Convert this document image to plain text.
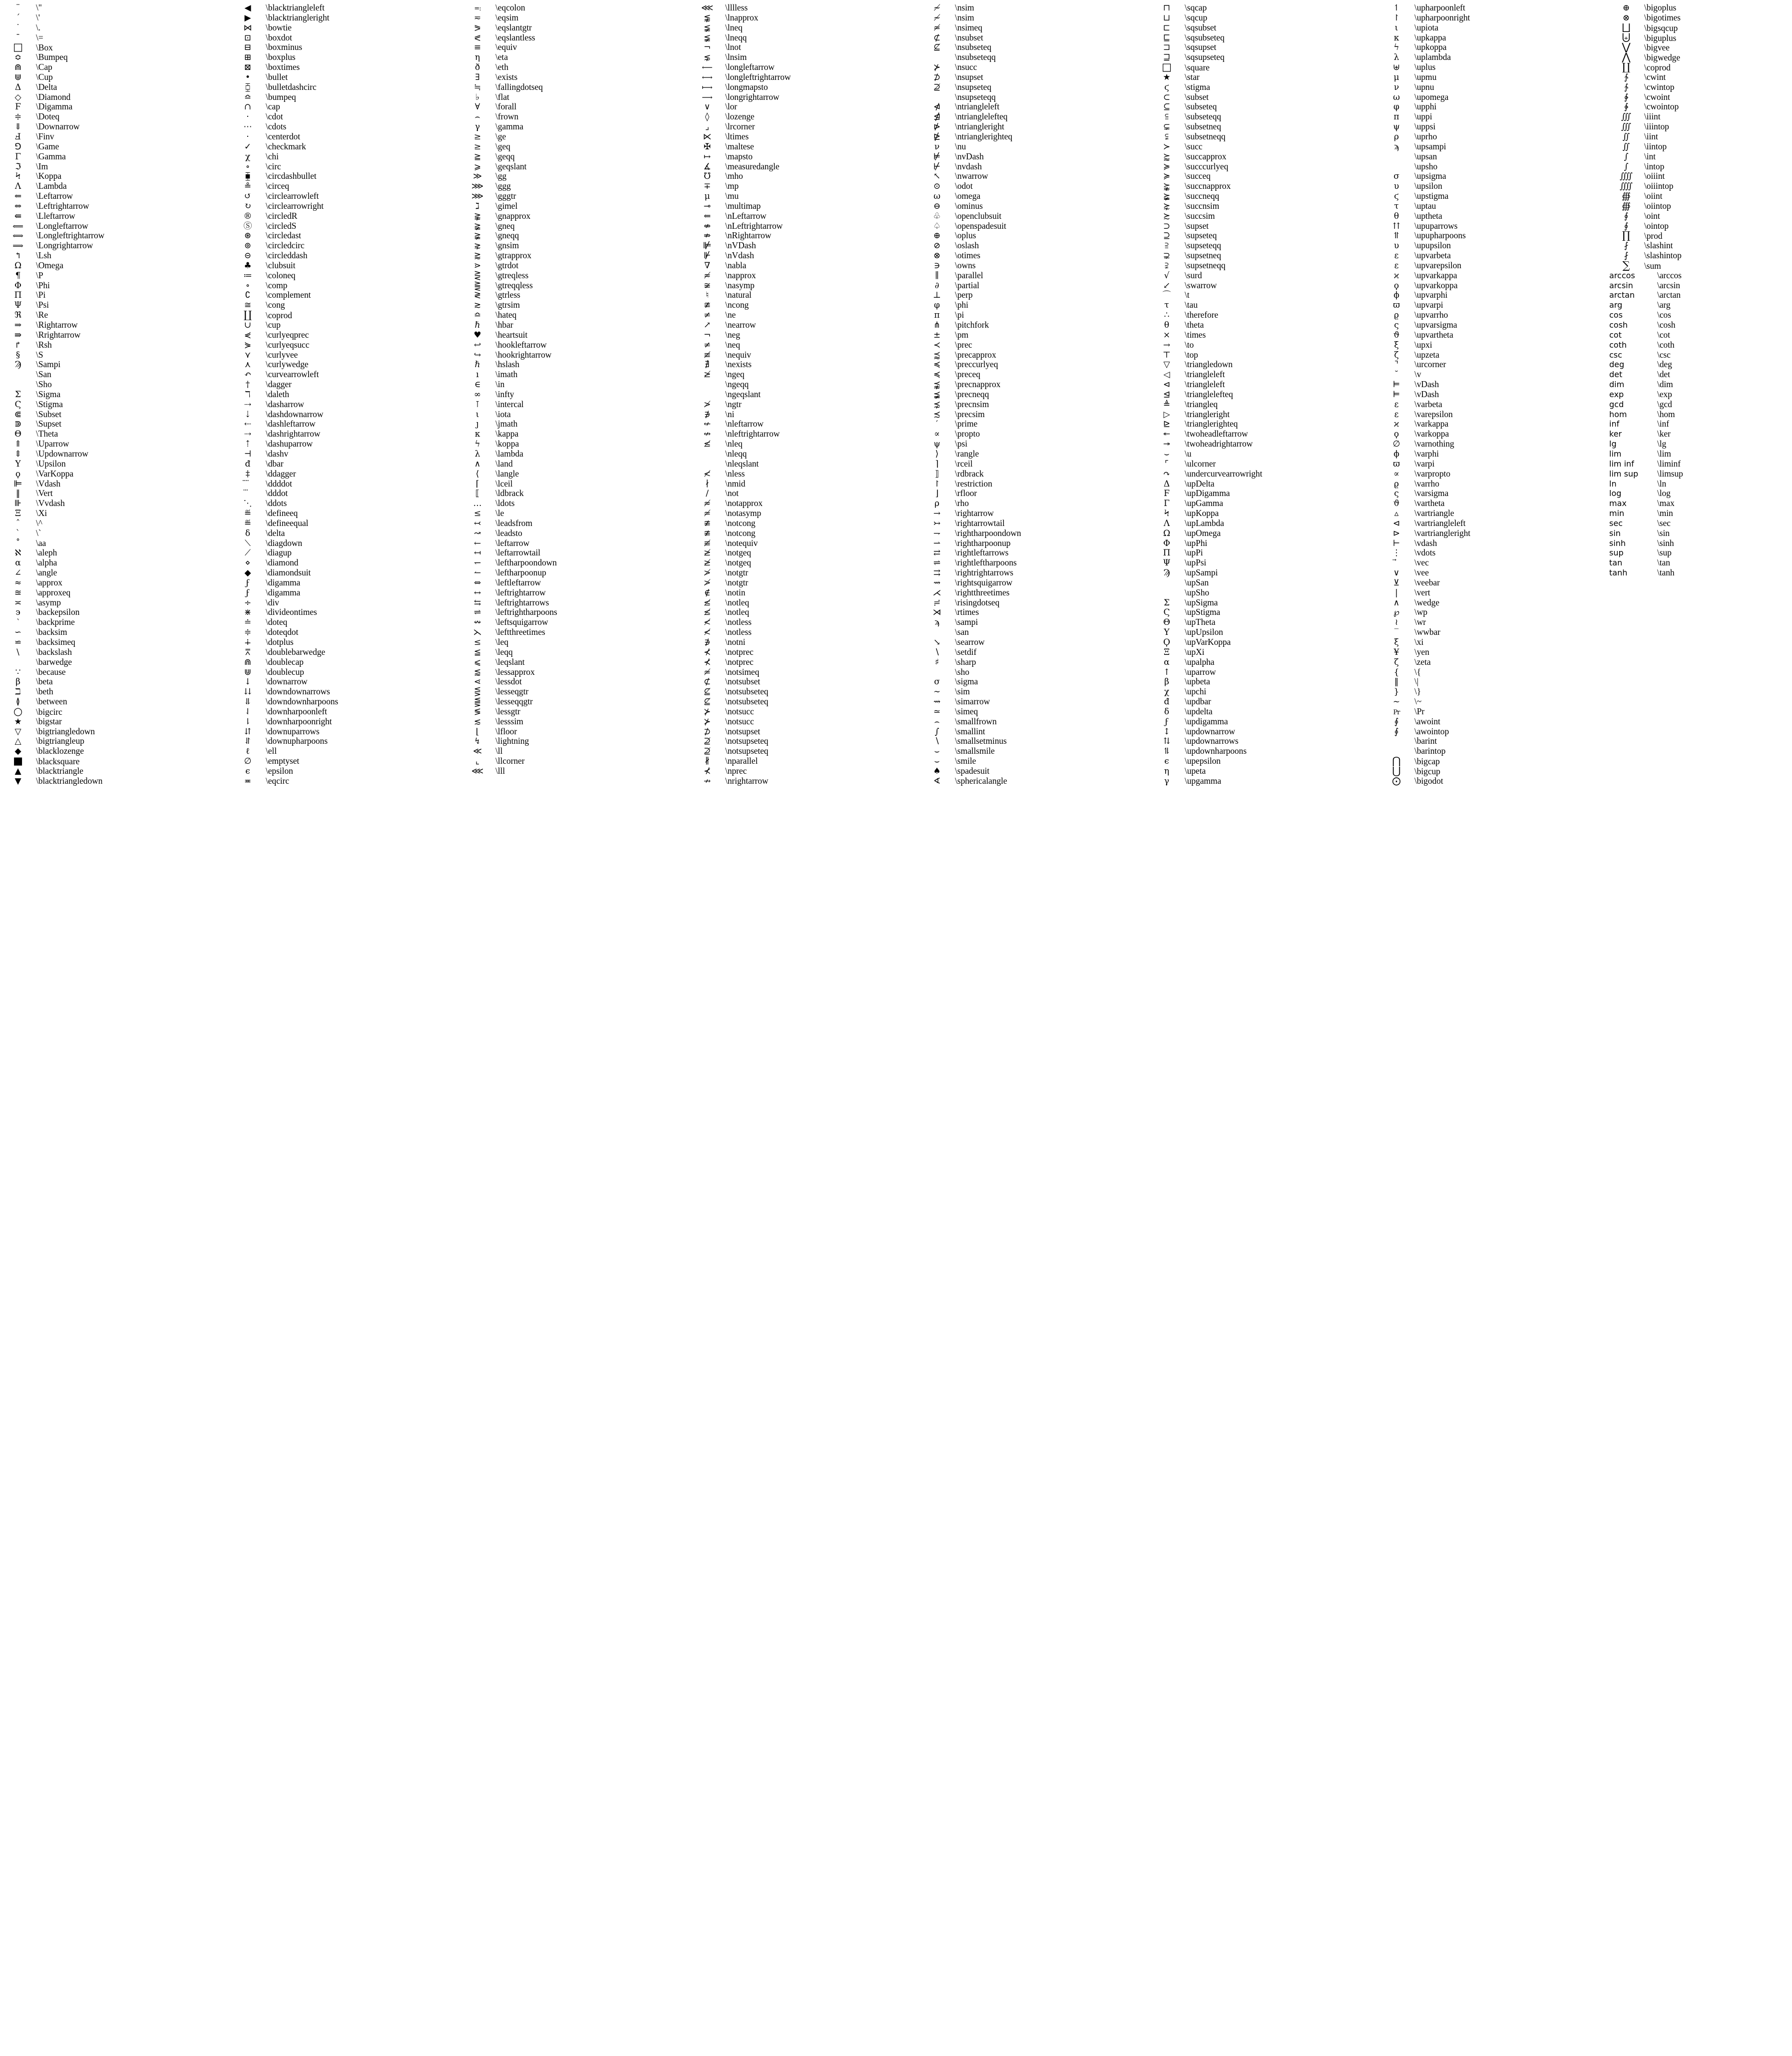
¨	\"
´	\'
˙	\.
¯	\=
□	\Box
≎	\Bumpeq
⋒	\Cap
⋓	\Cup
Δ	\Delta
◇	\Diamond
Ϝ	\Digamma
≑	\Doteq
⇓	\Downarrow
Ⅎ	\Finv
⅁	\Game
Γ	\Gamma
ℑ	\Im
Ϟ	\Koppa
Λ	\Lambda
⇐	\Leftarrow
⇔	\Leftrightarrow
⇚	\Lleftarrow
⟸	\Longleftarrow
⟺	\Longleftrightarrow
⟹	\Longrightarrow
↰	\Lsh
Ω	\Omega
¶	\P
Φ	\Phi
Π	\Pi
Ψ	\Psi
ℜ	\Re
⇒	\Rightarrow
⇛	\Rrightarrow
↱	\Rsh
§	\S
Ϡ	\Sampi
\San
\Sho
Σ	\Sigma
Ϛ	\Stigma
⋐	\Subset
⋑	\Supset
Θ	\Theta
⇑	\Uparrow
⇕	\Updownarrow
Υ	\Upsilon
ϙ	\VarKoppa
⊫	\Vdash
‖	\Vert
⊪	\Vvdash
Ξ	\Xi
ˆ	\^
`	\`
˚	\aa
ℵ	\aleph
α	\alpha
∠	\angle
≈	\approx
≊	\approxeq
≍	\asymp
϶	\backepsilon
‵	\backprime
∽	\backsim
⋍	\backsimeq
\	\backslash
\barwedge
∵	\because
β	\beta
ℶ	\beth
≬	\between
○	\bigcirc
★	\bigstar
▽	\bigtriangledown
△	\bigtriangleup
◆	\blacklozenge
■	\blacksquare
▲	\blacktriangle
▼	\blacktriangledown
◀	\blacktriangleleft
▶	\blacktriangleright
⋈	\bowtie
⊡	\boxdot
⊟	\boxminus
⊞	\boxplus
⊠	\boxtimes
•	\bullet
⧮	\bulletdashcirc
≏	\bumpeq
∩	\cap
·	\cdot
⋯	\cdots
·	\centerdot
✓	\checkmark
χ	\chi
∘	\circ
⧯	\circdashbullet
≗	\circeq
↺	\circlearrowleft
↻	\circlearrowright
®	\circledR
Ⓢ	\circledS
⊛	\circledast
⊚	\circledcirc
⊝	\circleddash
♣	\clubsuit
≔	\coloneq
∘	\comp
∁	\complement
≅	\cong
∐	\coprod
∪	\cup
⋞	\curlyeqprec
⋟	\curlyeqsucc
⋎	\curlyvee
⋏	\curlywedge
↶	\curvearrowleft
†	\dagger
ℸ	\daleth
⇢	\dasharrow
⇣	\dashdownarrow
⇠	\dashleftarrow
⇢	\dashrightarrow
⇡	\dashuparrow
⊣	\dashv
đ	\dbar
‡	\ddagger
\ddddot
\dddot
⋱	\ddots
≝	\defineeq
≝	\defineequal
δ	\delta
⟍	\diagdown
⟋	\diagup
⋄	\diamond
◆	\diamondsuit
ϝ	\digamma
ϝ	\digamma
÷	\div
⋇	\divideontimes
≐	\doteq
≑	\doteqdot
∔	\dotplus
⩞	\doublebarwedge
⋒	\doublecap
⋓	\doublecup
↓	\downarrow
⇊	\downdownarrows
⥥	\downdownharpoons
⇃	\downharpoonleft
⇂	\downharpoonright
⇵	\downuparrows
⥯	\downupharpoons
ℓ	\ell
∅	\emptyset
ϵ	\epsilon
≖	\eqcirc
=:	\eqcolon
≂	\eqsim
⪖	\eqslantgtr
⪕	\eqslantless
≡	\equiv
η	\eta
ð	\eth
∃	\exists
≒	\fallingdotseq
♭	\flat
∀	\forall
⌢	\frown
γ	\gamma
≥	\ge
≥	\geq
≧	\geqq
⩾	\geqslant
≫	\gg
⋙	\ggg
⋙	\gggtr
ℷ	\gimel
⪊	\gnapprox
≩	\gneq
≩	\gneqq
⋧	\gnsim
⪆	\gtrapprox
⋗	\gtrdot
⋛	\gtreqless
⪌	\gtreqqless
≷	\gtrless
≳	\gtrsim
≏	\hateq
ℏ	\hbar
♥	\heartsuit
↩	\hookleftarrow
↪	\hookrightarrow
ℏ	\hslash
ı	\imath
∈	\in
∞	\infty
⊺	\intercal
ι	\iota
ȷ	\jmath
κ	\kappa
ϟ	\koppa
λ	\lambda
∧	\land
⟨	\langle
⌈	\lceil
⟦	\ldbrack
…	\ldots
≤	\le
↢	\leadsfrom
↝	\leadsto
←	\leftarrow
↤	\leftarrowtail
↽	\leftharpoondown
↼	\leftharpoonup
⇔	\leftleftarrow
↔	\leftrightarrow
⇆	\leftrightarrows
⇌	\leftrightharpoons
↭	\leftsquigarrow
⋋	\leftthreetimes
≤	\leq
≦	\leqq
⩽	\leqslant
⪅	\lessapprox
⋖	\lessdot
⋚	\lesseqgtr
⪋	\lesseqqgtr
≶	\lessgtr
≲	\lesssim
⌊	\lfloor
↯	\lightning
≪	\ll
⌞	\llcorner
⋘	\lll
⋘	\lllless
⪉	\lnapprox
≨	\lneq
≨	\lneqq
¬	\lnot
⋦	\lnsim
⟵	\longleftarrow
⟷	\longleftrightarrow
⟼	\longmapsto
⟶	\longrightarrow
∨	\lor
◊	\lozenge
⌟	\lrcorner
⋉	\ltimes
✠	\maltese
↦	\mapsto
∡	\measuredangle
℧	\mho
∓	\mp
μ	\mu
⊸	\multimap
⇐	\nLeftarrow
⇎	\nLeftrightarrow
⇏	\nRightarrow
⊯	\nVDash
⊮	\nVdash
∇	\nabla
≉	\napprox
≆	\nasymp
♮	\natural
≇	\ncong
≠	\ne
↗	\nearrow
¬	\neg
≠	\neq
≢	\nequiv
∄	\nexists
≱	\ngeq
\ngeqq
\ngeqslant
≯	\ngtr
∌	\ni
↚	\nleftarrow
↮	\nleftrightarrow
≰	\nleq
\nleqq
\nleqslant
≮	\nless
∤	\nmid
/	\not
≉	\notapprox
≄	\notasymp
≇	\notcong
≇	\notcong
≢	\notequiv
≱	\notgeq
≱	\notgeq
≯	\notgtr
≯	\notgtr
∉	\notin
≰	\notleq
≰	\notleq
≮	\notless
≮	\notless
∌	\notni
⊀	\notprec
⊀	\notprec
≄	\notsimeq
⊄	\notsubset
⊈	\notsubseteq
⊈	\notsubseteq
⊁	\notsucc
⊁	\notsucc
⊅	\notsupset
⊉	\notsupseteq
⊉	\notsupseteq
∦	\nparallel
⊀	\nprec
↛	\nrightarrow
≁	\nsim
≁	\nsim
≄	\nsimeq
⊄	\nsubset
⊈	\nsubseteq
\nsubseteqq
⊁	\nsucc
⊅	\nsupset
⊉	\nsupseteq
\nsupseteqq
⋪	\ntriangleleft
⋬	\ntrianglelefteq
⋫	\ntriangleright
⋭	\ntrianglerighteq
ν	\nu
⊭	\nvDash
⊬	\nvdash
↖	\nwarrow
⊙	\odot
ω	\omega
⊖	\ominus
♧	\openclubsuit
♤	\openspadesuit
⊕	\oplus
⊘	\oslash
⊗	\otimes
∋	\owns
∥	\parallel
∂	\partial
⊥	\perp
φ	\phi
π	\pi
⋔	\pitchfork
±	\pm
≺	\prec
⪷	\precapprox
≼	\preccurlyeq
≼	\preceq
⪹	\precnapprox
⪵	\precneqq
⋨	\precnsim
≾	\precsim
′	\prime
∝	\propto
ψ	\psi
⟩	\rangle
⌉	\rceil
⟧	\rdbrack
↾	\restriction
⌋	\rfloor
ρ	\rho
→	\rightarrow
↣	\rightarrowtail
⇁	\rightharpoondown
⇀	\rightharpoonup
⇄	\rightleftarrows
⇌	\rightleftharpoons
⇉	\rightrightarrows
⇝	\rightsquigarrow
⋌	\rightthreetimes
≓	\risingdotseq
⋊	\rtimes
ϡ	\sampi
\san
↘	\searrow
∖	\setdif
♯	\sharp
\sho
σ	\sigma
∼	\sim
⇝	\simarrow
≃	\simeq
⌢	\smallfrown
∫	\smallint
∖	\smallsetminus
⌣	\smallsmile
⌣	\smile
♠	\spadesuit
∢	\sphericalangle
⊓	\sqcap
⊔	\sqcup
⊏	\sqsubset
⊑	\sqsubseteq
⊐	\sqsupset
⊒	\sqsupseteq
□	\square
★	\star
ϛ	\stigma
⊂	\subset
⊆	\subseteq
⫅	\subseteqq
⊊	\subsetneq
⫋	\subsetneqq
≻	\succ
⪸	\succapprox
≽	\succcurlyeq
≽	\succeq
⪺	\succnapprox
⪶	\succneqq
⋩	\succnsim
≿	\succsim
⊃	\supset
⊇	\supseteq
⫆	\supseteqq
⊋	\supsetneq
⫌	\supsetneqq
√	\surd
↙	\swarrow
⌒	\t
τ	\tau
∴	\therefore
θ	\theta
×	\times
→	\to
⊤	\top
▽	\triangledown
◁	\triangleleft
⊲	\triangleleft
⊴	\trianglelefteq
≜	\triangleq
▷	\triangleright
⊵	\trianglerighteq
↞	\twoheadleftarrow
↠	\twoheadrightarrow
⌣	\u
⌜	\ulcorner
↷	\undercurvearrowright
Δ	\upDelta
Ϝ	\upDigamma
Γ	\upGamma
Ϟ	\upKoppa
Λ	\upLambda
Ω	\upOmega
Φ	\upPhi
Π	\upPi
Ψ	\upPsi
Ϡ	\upSampi
\upSan
\upSho
Σ	\upSigma
Ϛ	\upStigma
Θ	\upTheta
Υ	\upUpsilon
Ϙ	\upVarKoppa
Ξ	\upXi
α	\upalpha
↑	\uparrow
β	\upbeta
χ	\upchi
đ	\updbar
δ	\updelta
ϝ	\updigamma
↕	\updownarrow
⇅	\updownarrows
⥮	\updownharpoons
ϵ	\upepsilon
η	\upeta
γ	\upgamma
↿	\upharpoonleft
↾	\upharpoonright
ι	\upiota
κ	\upkappa
ϟ	\upkoppa
λ	\uplambda
⊎	\uplus
μ	\upmu
ν	\upnu
ω	\upomega
φ	\upphi
π	\uppi
ψ	\uppsi
ρ	\uprho
ϡ	\upsampi
\upsan
\upsho
σ	\upsigma
υ	\upsilon
ϛ	\upstigma
τ	\uptau
θ	\uptheta
⇈	\upuparrows
⥣	\upupharpoons
υ	\upupsilon
ε	\upvarbeta
ε	\upvarepsilon
ϰ	\upvarkappa
ϙ	\upvarkoppa
ϕ	\upvarphi
ϖ	\upvarpi
ϱ	\upvarrho
ς	\upvarsigma
ϑ	\upvartheta
ξ	\upxi
ζ	\upzeta
⌝	\urcorner
˘	\v
⊨	\vDash
⊨	\vDash
ε	\varbeta
ε	\varepsilon
ϰ	\varkappa
ϙ	\varkoppa
∅	\varnothing
ϕ	\varphi
ϖ	\varpi
∝	\varpropto
ϱ	\varrho
ς	\varsigma
ϑ	\vartheta
▵	\vartriangle
⊲	\vartriangleleft
⊳	\vartriangleright
⊢	\vdash
⋮	\vdots
\vec
∨	\vee
⊻	\veebar
|	\vert
∧	\wedge
℘	\wp
≀	\wr
‾	\wwbar
ξ	\xi
¥	\yen
ζ	\zeta
{	\{
‖	\|
}	\}
~	\~
Pr	\Pr
∮	\awoint
∮	\awointop
\barint
\barintop
⋂	\bigcap
⋃	\bigcup
⨀	\bigodot
⊕	\bigoplus
⊗	\bigotimes
⨆	\bigsqcup
⨄	\biguplus
⋁	\bigvee
⋀	\bigwedge
∐	\coprod
∱	\cwint
∱	\cwintop
∲	\cwoint
∲	\cwointop
∭	\iiint
∭	\iiintop
∬	\iint
∬	\iintop
∫	\int
∫	\intop
⨌	\oiiint
⨌	\oiiintop
∰	\oiint
∰	\oiintop
∮	\oint
∮	\ointop
∏	\prod
⨏	\slashint
⨏	\slashintop
∑	\sum
arccos	\arccos
arcsin	\arcsin
arctan	\arctan
arg	\arg
cos	\cos
cosh	\cosh
cot	\cot
coth	\coth
csc	\csc
deg	\deg
det	\det
dim	\dim
exp	\exp
gcd	\gcd
hom	\hom
inf	\inf
ker	\ker
lg	\lg
lim	\lim
lim inf	\liminf
lim sup	\limsup
ln	\ln
log	\log
max	\max
min	\min
sec	\sec
sin	\sin
sinh	\sinh
sup	\sup
tan	\tan
tanh	\tanh
